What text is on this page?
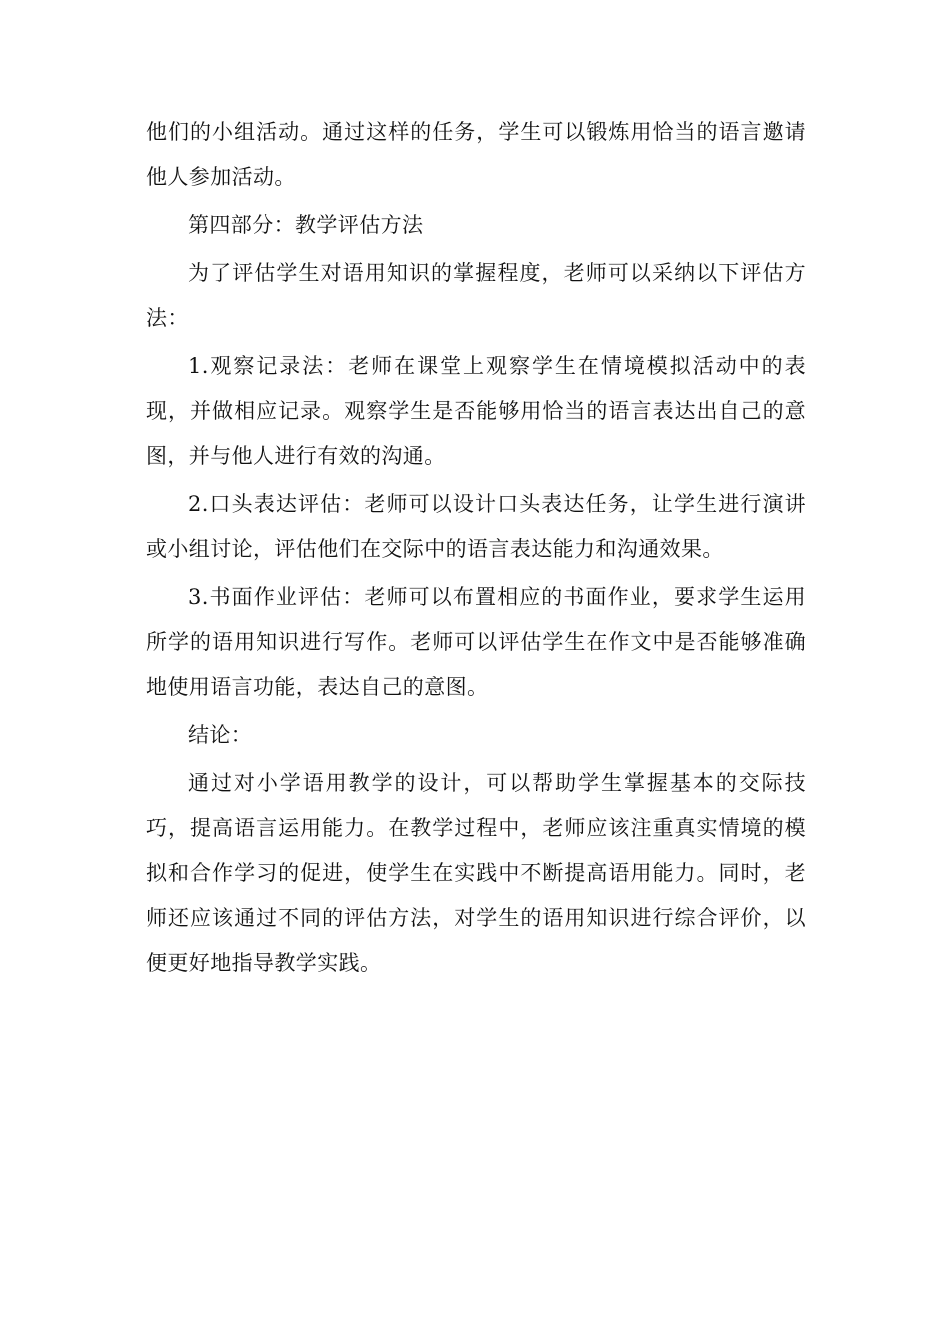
他们的小组活动。通过这样的任务，学生可以锻炼用恰当的语言邀请他人参加活动。

第四部分：教学评估方法

为了评估学生对语用知识的掌握程度，老师可以采纳以下评估方法：

1.观察记录法：老师在课堂上观察学生在情境模拟活动中的表现，并做相应记录。观察学生是否能够用恰当的语言表达出自己的意图，并与他人进行有效的沟通。

2.口头表达评估：老师可以设计口头表达任务，让学生进行演讲或小组讨论，评估他们在交际中的语言表达能力和沟通效果。

3.书面作业评估：老师可以布置相应的书面作业，要求学生运用所学的语用知识进行写作。老师可以评估学生在作文中是否能够准确地使用语言功能，表达自己的意图。

结论：

通过对小学语用教学的设计，可以帮助学生掌握基本的交际技巧，提高语言运用能力。在教学过程中，老师应该注重真实情境的模拟和合作学习的促进，使学生在实践中不断提高语用能力。同时，老师还应该通过不同的评估方法，对学生的语用知识进行综合评价，以便更好地指导教学实践。
